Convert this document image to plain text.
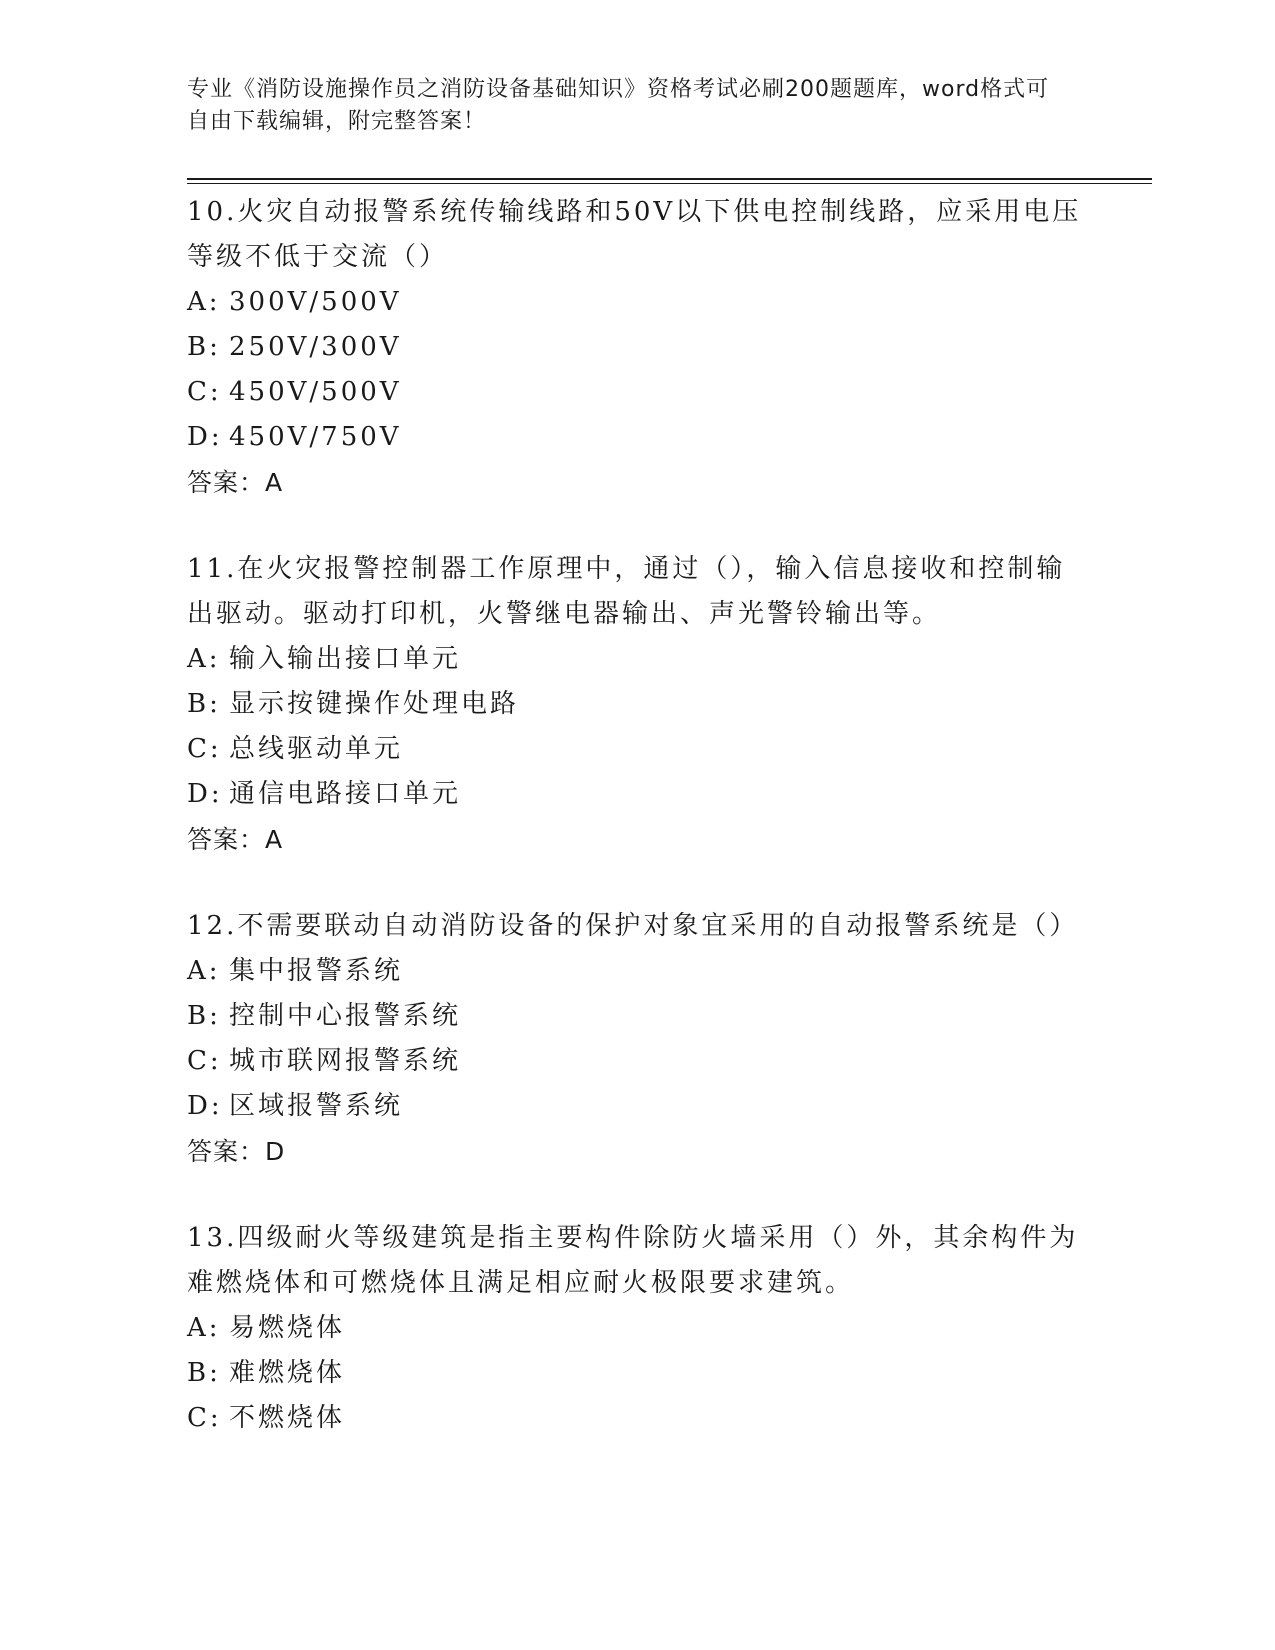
专业《消防设施操作员之消防设备基础知识》资格考试必刷200题题库，word格式可自由下载编辑，附完整答案！
10.火灾自动报警系统传输线路和50V以下供电控制线路，应采用电压等级不低于交流（）
A: 300V/500V
B: 250V/300V
C: 450V/500V
D: 450V/750V
答案：A
11.在火灾报警控制器工作原理中，通过（），输入信息接收和控制输出驱动。驱动打印机，火警继电器输出、声光警铃输出等。
A: 输入输出接口单元
B: 显示按键操作处理电路
C: 总线驱动单元
D: 通信电路接口单元
答案：A
12.不需要联动自动消防设备的保护对象宜采用的自动报警系统是（）
A: 集中报警系统
B: 控制中心报警系统
C: 城市联网报警系统
D: 区域报警系统
答案：D
13.四级耐火等级建筑是指主要构件除防火墙采用（）外，其余构件为难燃烧体和可燃烧体且满足相应耐火极限要求建筑。
A: 易燃烧体
B: 难燃烧体
C: 不燃烧体
